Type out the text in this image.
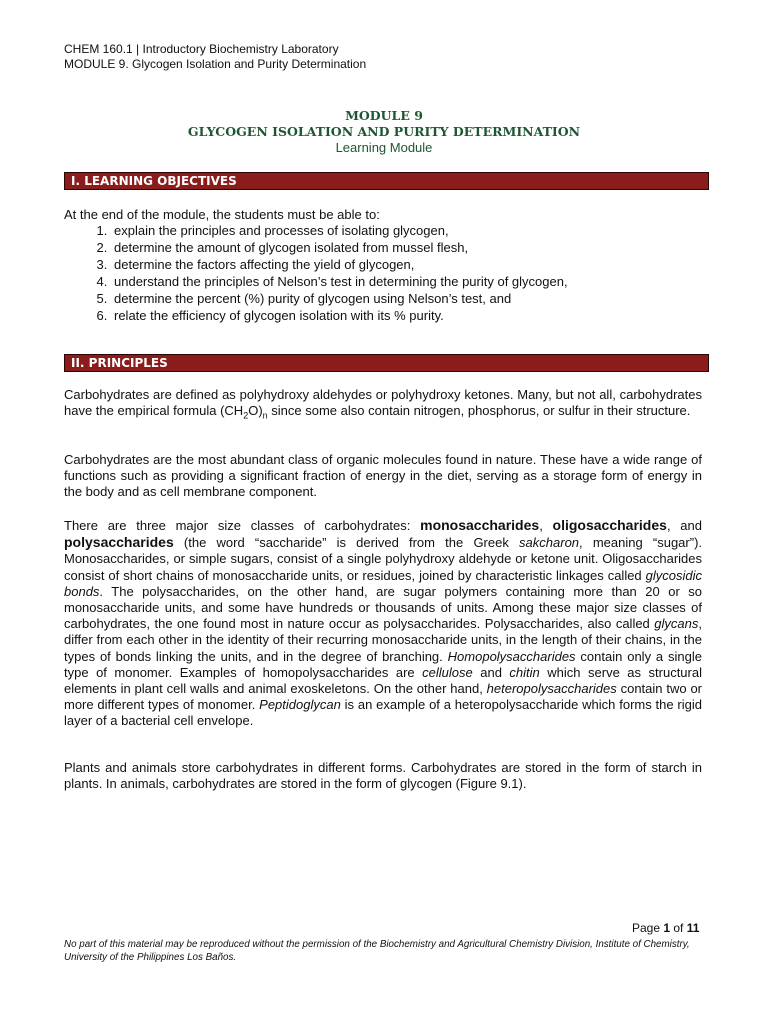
CHEM 160.1 | Introductory Biochemistry Laboratory
MODULE 9. Glycogen Isolation and Purity Determination
MODULE 9
GLYCOGEN ISOLATION AND PURITY DETERMINATION
Learning Module
I. LEARNING OBJECTIVES
At the end of the module, the students must be able to:
1. explain the principles and processes of isolating glycogen,
2. determine the amount of glycogen isolated from mussel flesh,
3. determine the factors affecting the yield of glycogen,
4. understand the principles of Nelson’s test in determining the purity of glycogen,
5. determine the percent (%) purity of glycogen using Nelson’s test, and
6. relate the efficiency of glycogen isolation with its % purity.
II. PRINCIPLES
Carbohydrates are defined as polyhydroxy aldehydes or polyhydroxy ketones. Many, but not all, carbohydrates have the empirical formula $(CH_2O)_n$ since some also contain nitrogen, phosphorus, or sulfur in their structure.
Carbohydrates are the most abundant class of organic molecules found in nature. These have a wide range of functions such as providing a significant fraction of energy in the diet, serving as a storage form of energy in the body and as cell membrane component.
There are three major size classes of carbohydrates: monosaccharides, oligosaccharides, and polysaccharides (the word “saccharide” is derived from the Greek sakcharon, meaning “sugar”). Monosaccharides, or simple sugars, consist of a single polyhydroxy aldehyde or ketone unit. Oligosaccharides consist of short chains of monosaccharide units, or residues, joined by characteristic linkages called glycosidic bonds. The polysaccharides, on the other hand, are sugar polymers containing more than 20 or so monosaccharide units, and some have hundreds or thousands of units. Among these major size classes of carbohydrates, the one found most in nature occur as polysaccharides. Polysaccharides, also called glycans, differ from each other in the identity of their recurring monosaccharide units, in the length of their chains, in the types of bonds linking the units, and in the degree of branching. Homopolysaccharides contain only a single type of monomer. Examples of homopolysaccharides are cellulose and chitin which serve as structural elements in plant cell walls and animal exoskeletons. On the other hand, heteropolysaccharides contain two or more different types of monomer. Peptidoglycan is an example of a heteropolysaccharide which forms the rigid layer of a bacterial cell envelope.
Plants and animals store carbohydrates in different forms. Carbohydrates are stored in the form of starch in plants. In animals, carbohydrates are stored in the form of glycogen (Figure 9.1).
Page 1 of 11
No part of this material may be reproduced without the permission of the Biochemistry and Agricultural Chemistry Division, Institute of Chemistry, University of the Philippines Los Baños.
